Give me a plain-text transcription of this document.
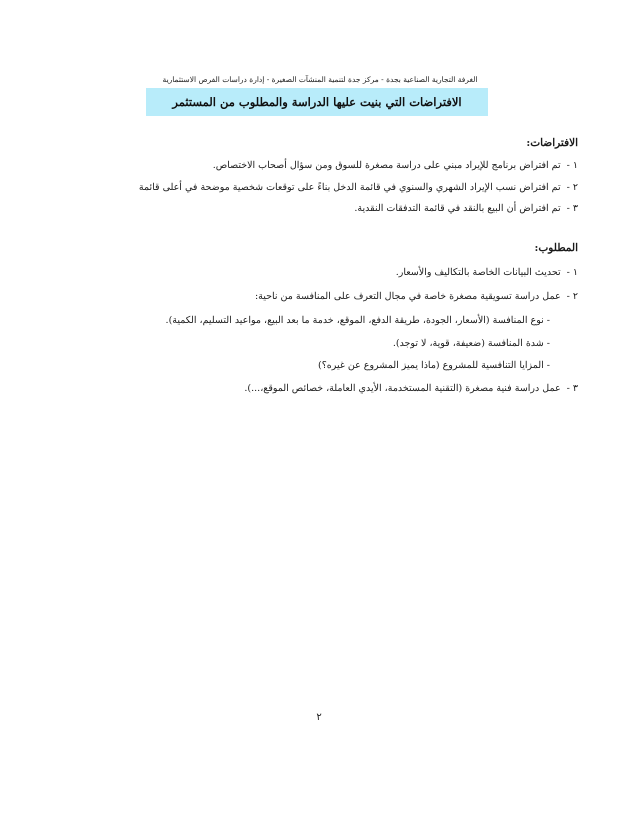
الغرفة التجارية الصناعية بجدة - مركز جدة لتنمية المنشآت الصغيرة - إدارة دراسات الفرص الاستثمارية
الافتراضات التي بنيت عليها الدراسة والمطلوب من المستثمر
الافتراضات:
١ - تم افتراض برنامج للإيراد مبني على دراسة مصغرة للسوق ومن سؤال أصحاب الاختصاص.
٢ - تم افتراض نسب الإيراد الشهري والسنوي في قائمة الدخل بناءً على توقعات شخصية موضحة في أعلى قائمة
٣ - تم افتراض أن البيع بالنقد في قائمة التدفقات النقدية.
المطلوب:
١ - تحديث البيانات الخاصة بالتكاليف والأسعار.
٢ - عمل دراسة تسويقية مصغرة خاصة في مجال التعرف على المنافسة من ناحية:
- نوع المنافسة (الأسعار، الجودة، طريقة الدفع، الموقع، خدمة ما بعد البيع، مواعيد التسليم، الكمية).
- شدة المنافسة (ضعيفة، قوية، لا توجد).
- المزايا التنافسية للمشروع (ماذا يميز المشروع عن غيره؟)
٣ - عمل دراسة فنية مصغرة (التقنية المستخدمة، الأيدي العاملة، خصائص الموقع،...).
٢
